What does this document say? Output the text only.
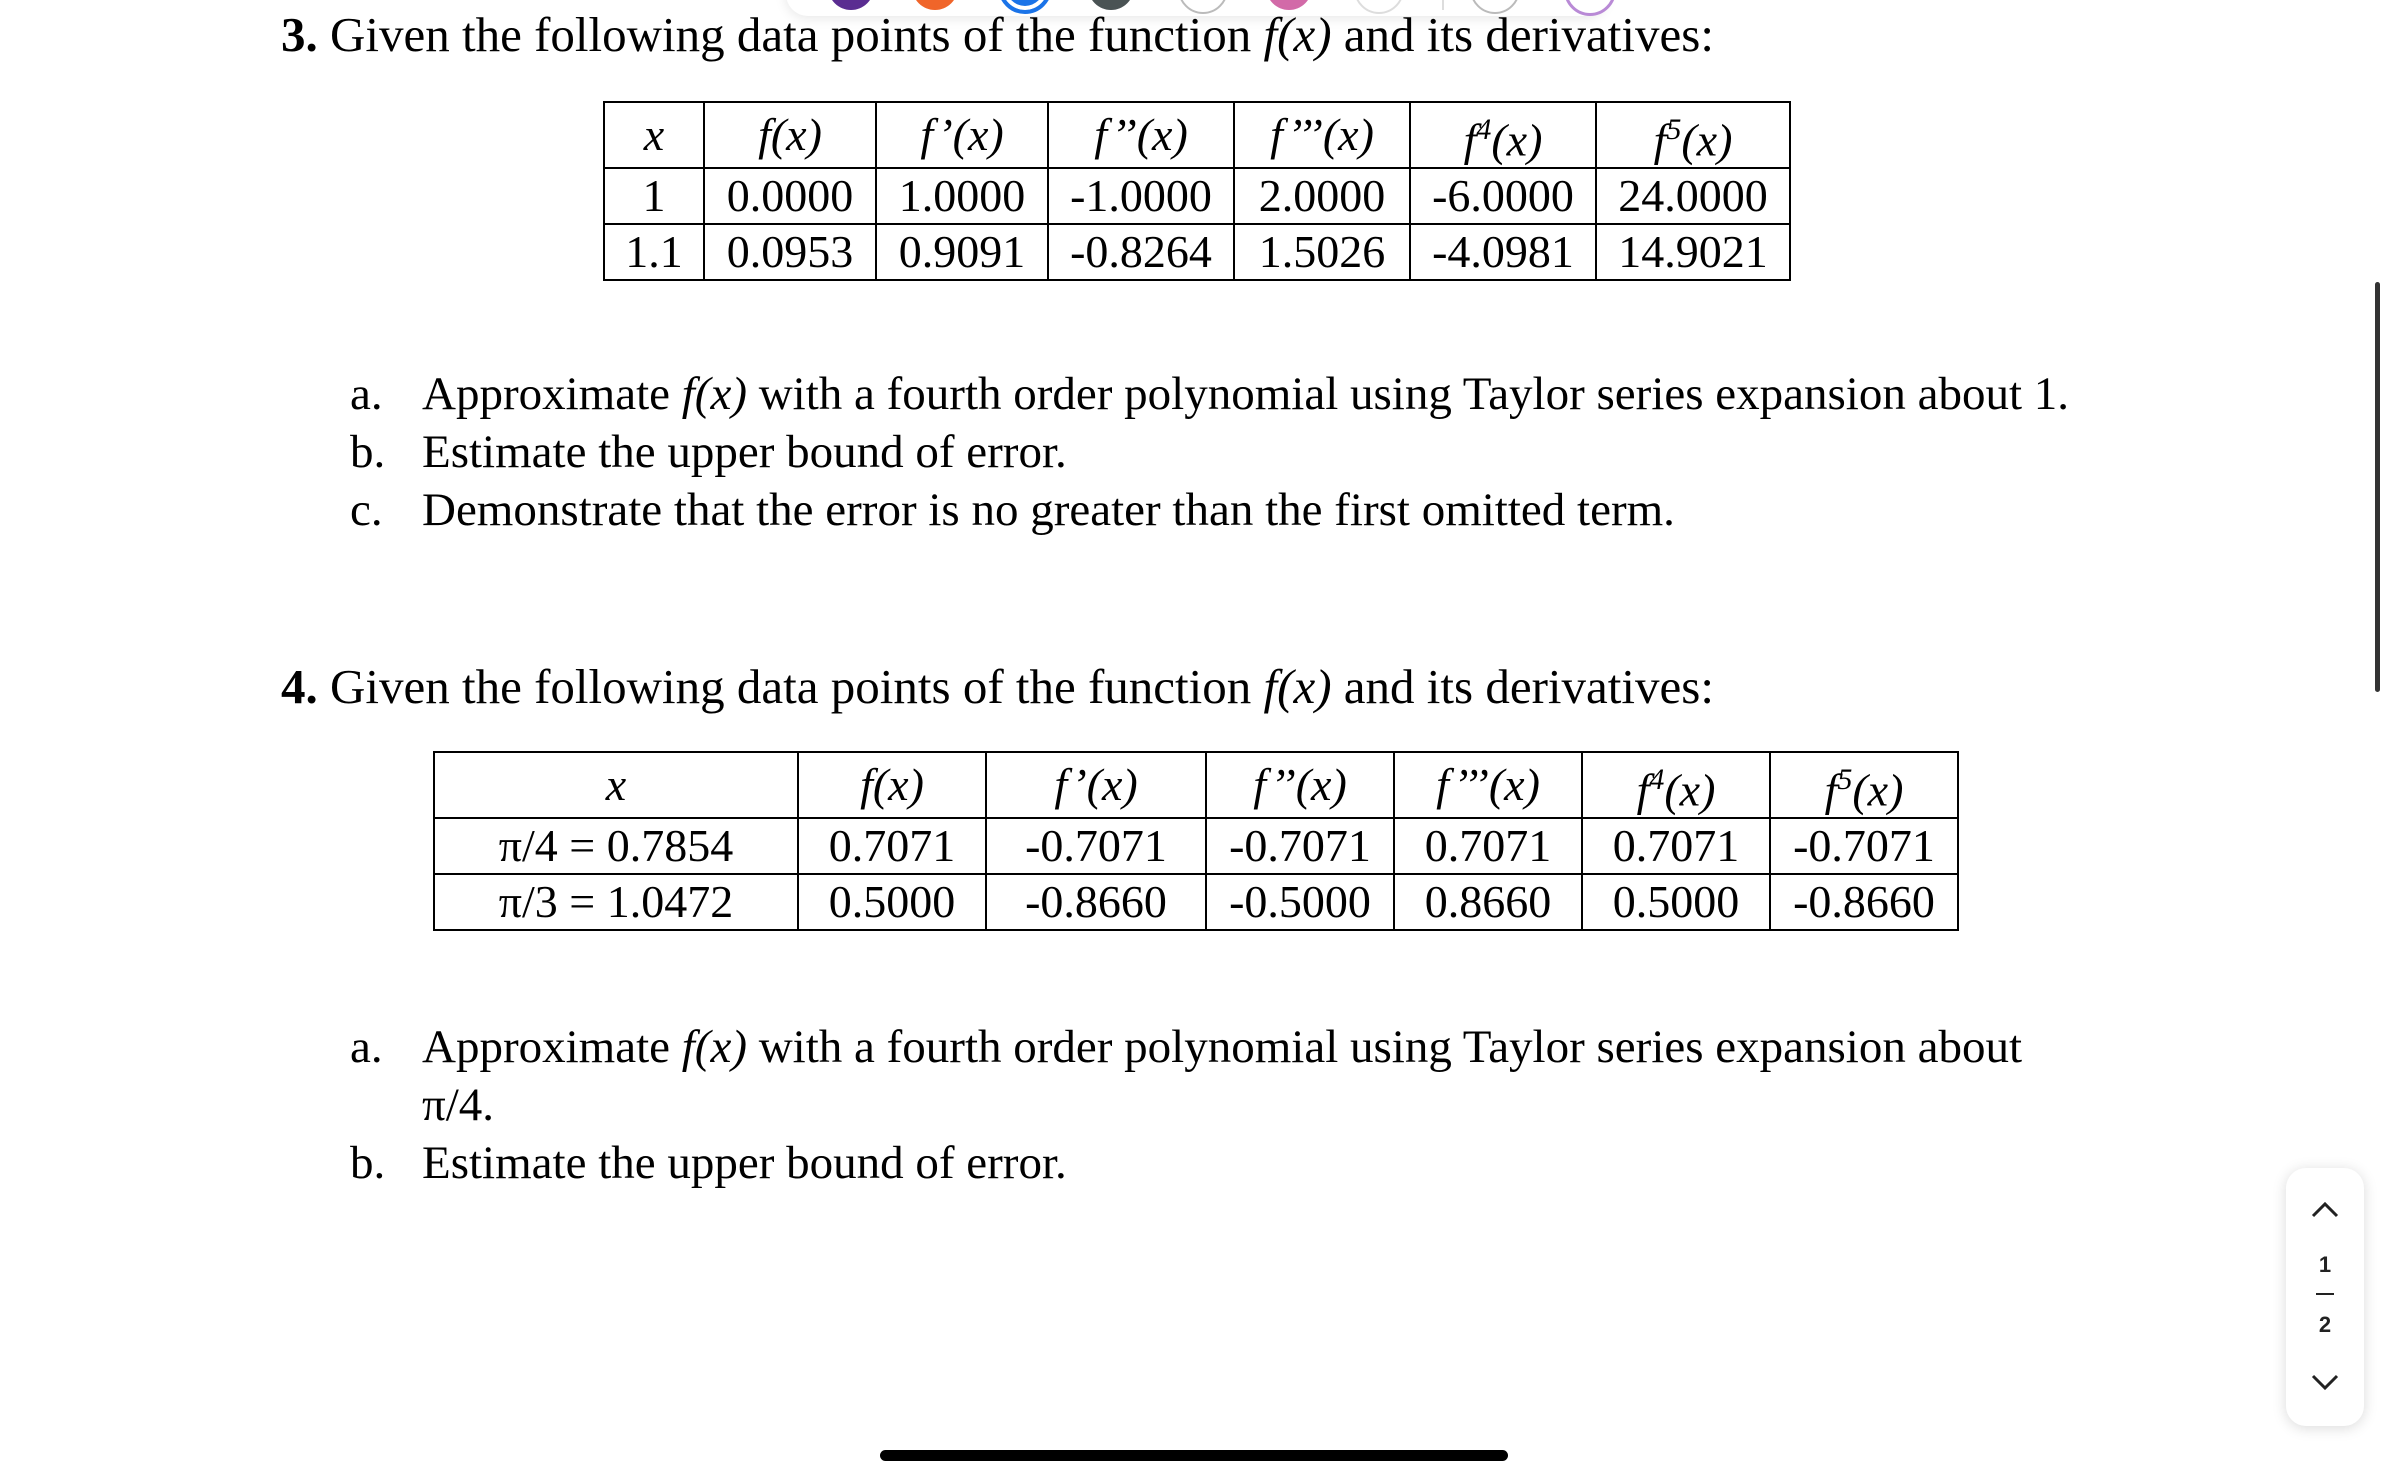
3. Given the following data points of the function f(x) and its derivatives:

x	f(x)	f’(x)	f’’(x)	f’’’(x)	$f^4(x)$	$f^5(x)$
1	0.0000	1.0000	-1.0000	2.0000	-6.0000	24.0000
1.1	0.0953	0.9091	-0.8264	1.5026	-4.0981	14.9021
a. Approximate f(x) with a fourth order polynomial using Taylor series expansion about 1.
b. Estimate the upper bound of error.
c. Demonstrate that the error is no greater than the first omitted term.

4. Given the following data points of the function f(x) and its derivatives:

x	f(x)	f’(x)	f’’(x)	f’’’(x)	$f^4(x)$	$f^5(x)$
π/4 = 0.7854	0.7071	-0.7071	-0.7071	0.7071	0.7071	-0.7071
π/3 = 1.0472	0.5000	-0.8660	-0.5000	0.8660	0.5000	-0.8660
a. Approximate f(x) with a fourth order polynomial using Taylor series expansion about
π/4.
b. Estimate the upper bound of error.
1
2
